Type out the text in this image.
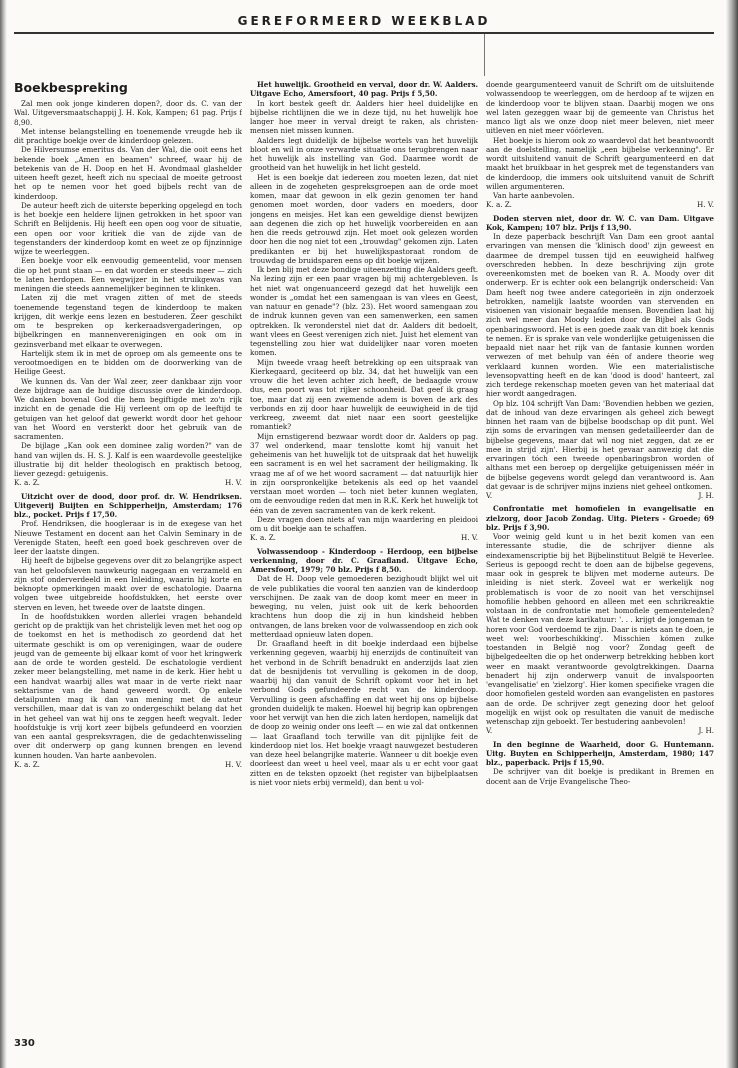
GEREFORMEERD WEEKBLAD
Boekbespreking

Zal men ook jonge kinderen dopen?, door ds. C. van der Wal. Uitgeversmaatschappij J. H. Kok, Kampen; 61 pag. Prijs f 8,90.

Met intense belangstelling en toenemende vreugde heb ik dit prachtige boekje over de kinderdoop gelezen.

De Hilversumse emeritus ds. Van der Wal, die ooit eens het bekende boek „Amen en beamen" schreef, waar hij de betekenis van de H. Doop en het H. Avondmaal glashelder uiteen heeft gezet, heeft zich nu speciaal de moeite getroost het op te nemen voor het goed bijbels recht van de kinderdoop.

De auteur heeft zich de uiterste beperking opgelegd en toch is het boekje een heldere lijnen getrokken in het spoor van Schrift en Belijdenis. Hij heeft een open oog voor de situatie, een open oor voor kritiek die van de zijde van de tegenstanders der kinderdoop komt en weet ze op fijnzinnige wijze te weerleggen.

Een boekje voor elk eenvoudig gemeentelid, voor mensen die op het punt staan — en dat worden er steeds meer — zich te laten herdopen. Een wegwijzer in het struikgewas van meningen die steeds aannemelijker beginnen te klinken.

Laten zij die met vragen zitten of met de steeds toenemende tegenstand tegen de kinderdoop te maken krijgen, dit werkje eens lezen en bestuderen. Zeer geschikt om te bespreken op kerkeraadsvergaderingen, op bijbelkringen en mannenverenigingen en ook om in gezinsverband met elkaar te overwegen.

Hartelijk stem ik in met de oproep om als gemeente ons te verootmoedigen en te bidden om de doorwerking van de Heilige Geest.

We kunnen ds. Van der Wal zeer, zeer dankbaar zijn voor deze bijdrage aan de huidige discussie over de kinderdoop. We danken bovenal God die hem begiftigde met zo'n rijk inzicht en de genade die Hij verleent om op de leeftijd te getuigen van het geloof dat gewerkt wordt door het gehoor van het Woord en versterkt door het gebruik van de sacramenten.

De bijlage „Kan ook een dominee zalig worden?" van de hand van wijlen ds. H. S. J. Kalf is een waardevolle geestelijke illustratie bij dit helder theologisch en praktisch betoog, liever gezegd: getuigenis.

K. a. Z.	H. V.

Uitzicht over de dood, door prof. dr. W. Hendriksen. Uitgeverij Buijten en Schipperheijn, Amsterdam; 176 blz., pocket. Prijs f 17,50.

Prof. Hendriksen, die hoogleraar is in de exegese van het Nieuwe Testament en docent aan het Calvin Seminary in de Verenigde Staten, heeft een goed boek geschreven over de leer der laatste dingen.

Hij heeft de bijbelse gegevens over dit zo belangrijke aspect van het geloofsleven nauwkeurig nagegaan en verzameld en zijn stof onderverdeeld in een Inleiding, waarin hij korte en beknopte opmerkingen maakt over de eschatologie. Daarna volgen twee uitgebreide hoofdstukken, het eerste over sterven en leven, het tweede over de laatste dingen.

In de hoofdstukken worden allerlei vragen behandeld gericht op de praktijk van het christelijk leven met het oog op de toekomst en het is methodisch zo geordend dat het uitermate geschikt is om op verenigingen, waar de oudere jeugd van de gemeente bij elkaar komt of voor het kringwerk aan de orde te worden gesteld. De eschatologie verdient zeker meer belangstelling, met name in de kerk. Hier hebt u een handvat waarbij alles wat maar in de verte riekt naar sektarisme van de hand geweerd wordt. Op enkele detailpunten mag ik dan van mening met de auteur verschillen, maar dat is van zo ondergeschikt belang dat het in het geheel van wat hij ons te zeggen heeft wegvalt. Ieder hoofdstukje is vrij kort zeer bijbels gefundeerd en voorzien van een aantal gespreksvragen, die de gedachtenwisseling over dit onderwerp op gang kunnen brengen en levend kunnen houden. Van harte aanbevolen.

K. a. Z.	H. V.

Het huwelijk. Grootheid en verval, door dr. W. Aalders. Uitgave Echo, Amersfoort, 40 pag. Prijs f 5,50.

In kort bestek geeft dr. Aalders hier heel duidelijke en bijbelse richtlijnen die we in deze tijd, nu het huwelijk hoe langer hoe meer in verval dreigt te raken, als christen-mensen niet missen kunnen.

Aalders legt duidelijk de bijbelse wortels van het huwelijk bloot en wil in onze verwarde situatie ons terugbrengen naar het huwelijk als instelling van God. Daarmee wordt de grootheid van het huwelijk in het licht gesteld.

Het is een boekje dat iedereen zou moeten lezen, dat niet alleen in de zogeheten gespreksgroepen aan de orde moet komen, maar dat gewoon in elk gezin genomen ter hand genomen moet worden, door vaders en moeders, door jongens en meisjes. Het kan een geweldige dienst bewijzen aan degenen die zich op het huwelijk voorbereiden en aan hen die reeds getrouwd zijn. Het moet ook gelezen worden door hen die nog niet tot een „trouwdag" gekomen zijn. Laten predikanten er bij het huwelijkspastoraat rondom de trouwdag de bruidsparen eens op dit boekje wijzen.

Ik ben blij met deze bondige uiteenzetting die Aalders geeft. Na lezing zijn er een paar vragen bij mij achtergebleven. Is het niet wat ongenuanceerd gezegd dat het huwelijk een wonder is „omdat het een samengaan is van vlees en Geest, van natuur en genade"? (blz. 23). Het woord samengaan zou de indruk kunnen geven van een samenwerken, een samen optrekken. Ik veronderstel niet dat dr. Aalders dit bedoelt, want vlees en Geest verenigen zich niet. Juist het element van tegenstelling zou hier wat duidelijker naar voren moeten komen.

Mijn tweede vraag heeft betrekking op een uitspraak van Kierkegaard, geciteerd op blz. 34, dat het huwelijk van een vrouw die het leven achter zich heeft, de bedaagde vrouw dus, een poort was tot rijker schoonheid. Dat geef ik graag toe, maar dat zij een zwemende adem is boven de ark des verbonds en zij door haar huwelijk de eeuwigheid in de tijd verkreeg, zweemt dat niet naar een soort geestelijke romantiek?

Mijn ernstigerend bezwaar wordt door dr. Aalders op pag. 37 wel onderkend, maar tenslotte komt hij vanuit het geheimenis van het huwelijk tot de uitspraak dat het huwelijk een sacrament is en wel het sacrament der heiligmaking. Ik vraag me af of we het woord sacrament — dat natuurlijk hier in zijn oorspronkelijke betekenis als eed op het vaandel verstaan moet worden — toch niet beter kunnen weglaten, om de eenvoudige reden dat men in R.K. Kerk het huwelijk tot één van de zeven sacramenten van de kerk rekent.

Deze vragen doen niets af van mijn waardering en pleidooi om u dit boekje aan te schaffen.

K. a. Z.	H. V.

Volwassendoop - Kinderdoop - Herdoop, een bijbelse verkenning, door dr. C. Graafland. Uitgave Echo, Amersfoort, 1979; 70 blz. Prijs f 8,50.

Dat de H. Doop vele gemoederen bezighoudt blijkt wel uit de vele publikaties die vooral ten aanzien van de kinderdoop verschijnen. De zaak van de doop komt meer en meer in beweging, nu velen, juist ook uit de kerk behoorden krachtens hun doop die zij in hun kindsheid hebben ontvangen, de lans breken voor de volwassendoop en zich ook metterdaad opnieuw laten dopen.

Dr. Graafland heeft in dit boekje inderdaad een bijbelse verkenning gegeven, waarbij hij enerzijds de continuïteit van het verbond in de Schrift benadrukt en anderzijds laat zien dat de besnijdenis tot vervulling is gekomen in de doop, waarbij hij dan vanuit de Schrift opkomt voor het in het verbond Gods gefundeerde recht van de kinderdoop. Vervulling is geen afschaffing en dat weet hij ons op bijbelse gronden duidelijk te maken. Hoewel hij begrip kan opbrengen voor het verwijt van hen die zich laten herdopen, namelijk dat de doop zo weinig onder ons leeft — en wie zal dat ontkennen — laat Graafland toch terwille van dit pijnlijke feit de kinderdoop niet los. Het boekje vraagt nauwgezet bestuderen van deze heel belangrijke materie. Wanneer u dit boekje even doorleest dan weet u heel veel, maar als u er echt voor gaat zitten en de teksten opzoekt (het register van bijbelplaatsen is niet voor niets erbij vermeld), dan bent u vol-

doende geargumenteerd vanuit de Schrift om de uitsluitende volwassendoop te weerleggen, om de herdoop af te wijzen en de kinderdoop voor te blijven staan. Daarbij mogen we ons wel laten gezeggen waar bij de gemeente van Christus het manco ligt als we onze doop niet meer beleven, niet meer uitleven en niet meer vóórleven.

Het boekje is hierom ook zo waardevol dat het beantwoordt aan de doelstelling, namelijk „een bijbelse verkenning". Er wordt uitsluitend vanuit de Schrift geargumenteerd en dat maakt het bruikbaar in het gesprek met de tegenstanders van de kinderdoop, die immers ook uitsluitend vanuit de Schrift willen argumenteren.

Van harte aanbevolen.

K. a. Z.	H. V.

Doden sterven niet, door dr. W. C. van Dam. Uitgave Kok, Kampen; 107 blz. Prijs f 13,90.

In deze paperback beschrijft Van Dam een groot aantal ervaringen van mensen die 'klinisch dood' zijn geweest en daarmee de drempel tussen tijd en eeuwigheid halfweg overschreden hebben. In deze beschrijving zijn grote overeenkomsten met de boeken van R. A. Moody over dit onderwerp. Er is echter ook een belangrijk onderscheid: Van Dam heeft nog twee andere categorieën in zijn onderzoek betrokken, namelijk laatste woorden van stervenden en visioenen van visionair begaafde mensen. Bovendien laat hij zich wel meer dan Moody leiden door de Bijbel als Gods openbaringswoord. Het is een goede zaak van dit boek kennis te nemen. Er is sprake van vele wonderlijke getuigenissen die bepaald niet naar het rijk van de fantasie kunnen worden verwezen of met behulp van één of andere theorie weg verklaard kunnen worden. Wie een materialistische levensopvatting heeft en de kan 'dood is dood' hanteert, zal zich terdege rekenschap moeten geven van het materiaal dat hier wordt aangedragen.

Op blz. 104 schrijft Van Dam: 'Bovendien hebben we gezien, dat de inhoud van deze ervaringen als geheel zich bewegt binnen het raam van de bijbelse boodschap op dit punt. Wel zijn soms de ervaringen van mensen gedetailleerder dan de bijbelse gegevens, maar dat wil nog niet zeggen, dat ze er mee in strijd zijn'. Hierbij is het gevaar aanwezig dat die ervaringen tóch een tweede openbaringsbron worden of althans met een beroep op dergelijke getuigenissen méér in de bijbelse gegevens wordt gelegd dan verantwoord is. Aan dat gevaar is de schrijver mijns inziens niet geheel ontkomen.

V.	J. H.

Confrontatie met homofielen in evangelisatie en zielzorg, door Jacob Zondag. Uitg. Pieters - Groede; 69 blz. Prijs f 3,90.

Voor weinig geld kunt u in het bezit komen van een interessante studie, die de schrijver dienne als eindexamenscriptie bij het Bijbelinstituut België te Heverlee. Serieus is gepoogd recht te doen aan de bijbelse gegevens, maar ook in gesprek te blijven met moderne auteurs. De inleiding is niet sterk. Zoveel wat er werkelijk nog problematisch is voor de zo nooit van het verschijnsel homofilie hebben gehoord en alleen met een schrikreaktie volstaan in de confrontatie met homofiele gemeenteleden? Wat te denken van deze karikatuur: '. . . krijgt de jongeman te horen voor God verdoemd te zijn. Daar is niets aan te doen, je weet wel: voorbeschikking'. Misschien kómen zulke toestanden in België nog voor? Zondag geeft de bijbelgedeelten die op het onderwerp betrekking hebben kort weer en maakt verantwoorde gevolgtrekkingen. Daarna benadert hij zijn onderwerp vanuit de invalspoorten 'evangelisatie' en 'zielzorg'. Hier komen specifieke vragen die door homofielen gesteld worden aan evangelisten en pastores aan de orde. De schrijver zegt genezing door het geloof mogelijk en wijst ook op resultaten die vanuit de medische wetenschap zijn geboekt. Ter bestudering aanbevolen!

V.	J. H.

In den beginne de Waarheid, door G. Huntemann. Uitg. Buyten en Schipperheijn, Amsterdam, 1980; 147 blz., paperback. Prijs f 15,90.

De schrijver van dit boekje is predikant in Bremen en docent aan de Vrije Evangelische Theo-

330
